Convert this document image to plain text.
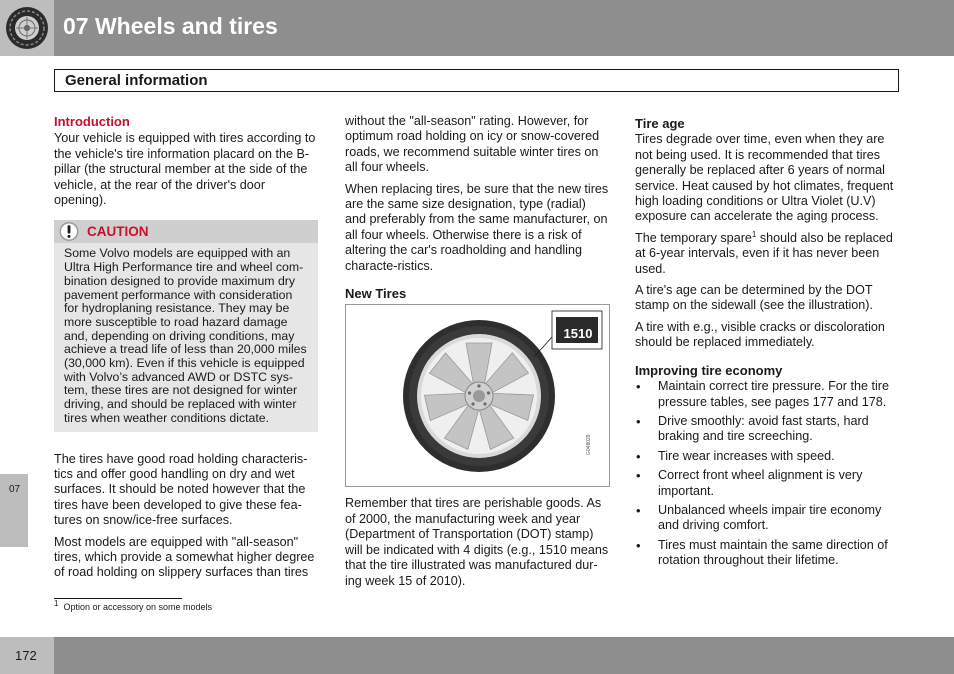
07 Wheels and tires
General information
Introduction

Your vehicle is equipped with tires according to the vehicle's tire information placard on the B-pillar (the structural member at the side of the vehicle, at the rear of the driver's door opening).

CAUTION
Some Volvo models are equipped with an Ultra High Performance tire and wheel com-bination designed to provide maximum dry pavement performance with consideration for hydroplaning resistance. They may be more susceptible to road hazard damage and, depending on driving conditions, may achieve a tread life of less than 20,000 miles (30,000 km). Even if this vehicle is equipped with Volvo’s advanced AWD or DSTC sys-tem, these tires are not designed for winter driving, and should be replaced with winter tires when weather conditions dictate.

The tires have good road holding characteris-tics and offer good handling on dry and wet surfaces. It should be noted however that the tires have been developed to give these fea-tures on snow/ice-free surfaces.

Most models are equipped with "all-season" tires, which provide a somewhat higher degree of road holding on slippery surfaces than tires

without the "all-season" rating. However, for optimum road holding on icy or snow-covered roads, we recommend suitable winter tires on all four wheels.

When replacing tires, be sure that the new tires are the same size designation, type (radial) and preferably from the same manufacturer, on all four wheels. Otherwise there is a risk of altering the car's roadholding and handling characte-ristics.

New Tires
1510
G048029

Remember that tires are perishable goods. As of 2000, the manufacturing week and year (Department of Transportation (DOT) stamp) will be indicated with 4 digits (e.g., 1510 means that the tire illustrated was manufactured dur-ing week 15 of 2010).

Tire age

Tires degrade over time, even when they are not being used. It is recommended that tires generally be replaced after 6 years of normal service. Heat caused by hot climates, frequent high loading conditions or Ultra Violet (U.V) exposure can accelerate the aging process.

The temporary spare$^1$ should also be replaced at 6-year intervals, even if it has never been used.

A tire's age can be determined by the DOT stamp on the sidewall (see the illustration).

A tire with e.g., visible cracks or discoloration should be replaced immediately.

Improving tire economy
• Maintain correct tire pressure. For the tire pressure tables, see pages 177 and 178.
• Drive smoothly: avoid fast starts, hard braking and tire screeching.
• Tire wear increases with speed.
• Correct front wheel alignment is very important.
• Unbalanced wheels impair tire economy and driving comfort.
• Tires must maintain the same direction of rotation throughout their lifetime.
1 Option or accessory on some models
07
172
